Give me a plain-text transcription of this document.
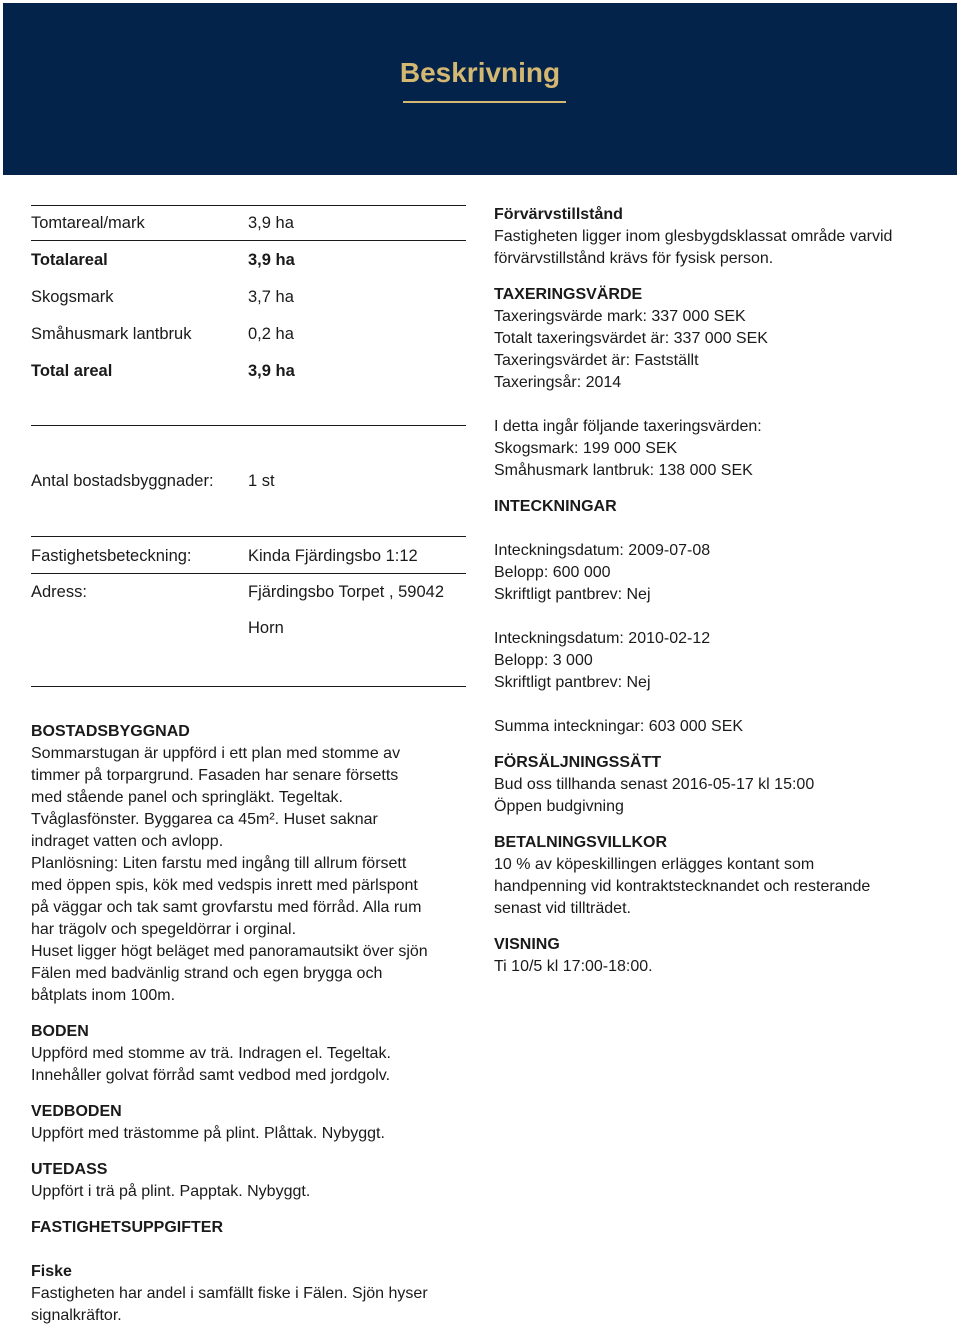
Beskrivning
Tomtareal/mark	3,9 ha
Totalareal	3,9 ha
Skogsmark	3,7 ha
Småhusmark lantbruk	0,2 ha
Total areal	3,9 ha
Antal bostadsbyggnader: 1 st
Fastighetsbeteckning:	Kinda Fjärdingsbo 1:12
Adress:	Fjärdingsbo Torpet , 59042
Horn

BOSTADSBYGGNAD

Sommarstugan är uppförd i ett plan med stomme av

timmer på torpargrund. Fasaden har senare försetts

med stående panel och springläkt. Tegeltak.

Tvåglasfönster. Byggarea ca 45m². Huset saknar

indraget vatten och avlopp.

Planlösning: Liten farstu med ingång till allrum försett

med öppen spis, kök med vedspis inrett med pärlspont

på väggar och tak samt grovfarstu med förråd. Alla rum

har trägolv och spegeldörrar i orginal.

Huset ligger högt beläget med panoramautsikt över sjön

Fälen med badvänlig strand och egen brygga och

båtplats inom 100m.

BODEN

Uppförd med stomme av trä. Indragen el. Tegeltak.

Innehåller golvat förråd samt vedbod med jordgolv.

VEDBODEN

Uppfört med trästomme på plint. Plåttak. Nybyggt.

UTEDASS

Uppfört i trä på plint. Papptak. Nybyggt.

FASTIGHETSUPPGIFTER

Fiske

Fastigheten har andel i samfällt fiske i Fälen. Sjön hyser

signalkräftor.

Förvärvstillstånd

Fastigheten ligger inom glesbygdsklassat område varvid

förvärvstillstånd krävs för fysisk person.

TAXERINGSVÄRDE

Taxeringsvärde mark: 337 000 SEK

Totalt taxeringsvärdet är: 337 000 SEK

Taxeringsvärdet är: Fastställt

Taxeringsår: 2014

I detta ingår följande taxeringsvärden:

Skogsmark: 199 000 SEK

Småhusmark lantbruk: 138 000 SEK

INTECKNINGAR

Inteckningsdatum: 2009-07-08

Belopp: 600 000

Skriftligt pantbrev: Nej

Inteckningsdatum: 2010-02-12

Belopp: 3 000

Skriftligt pantbrev: Nej

Summa inteckningar: 603 000 SEK

FÖRSÄLJNINGSSÄTT

Bud oss tillhanda senast 2016-05-17 kl 15:00

Öppen budgivning

BETALNINGSVILLKOR

10 % av köpeskillingen erlägges kontant som

handpenning vid kontraktstecknandet och resterande

senast vid tillträdet.

VISNING

Ti 10/5 kl 17:00-18:00.
